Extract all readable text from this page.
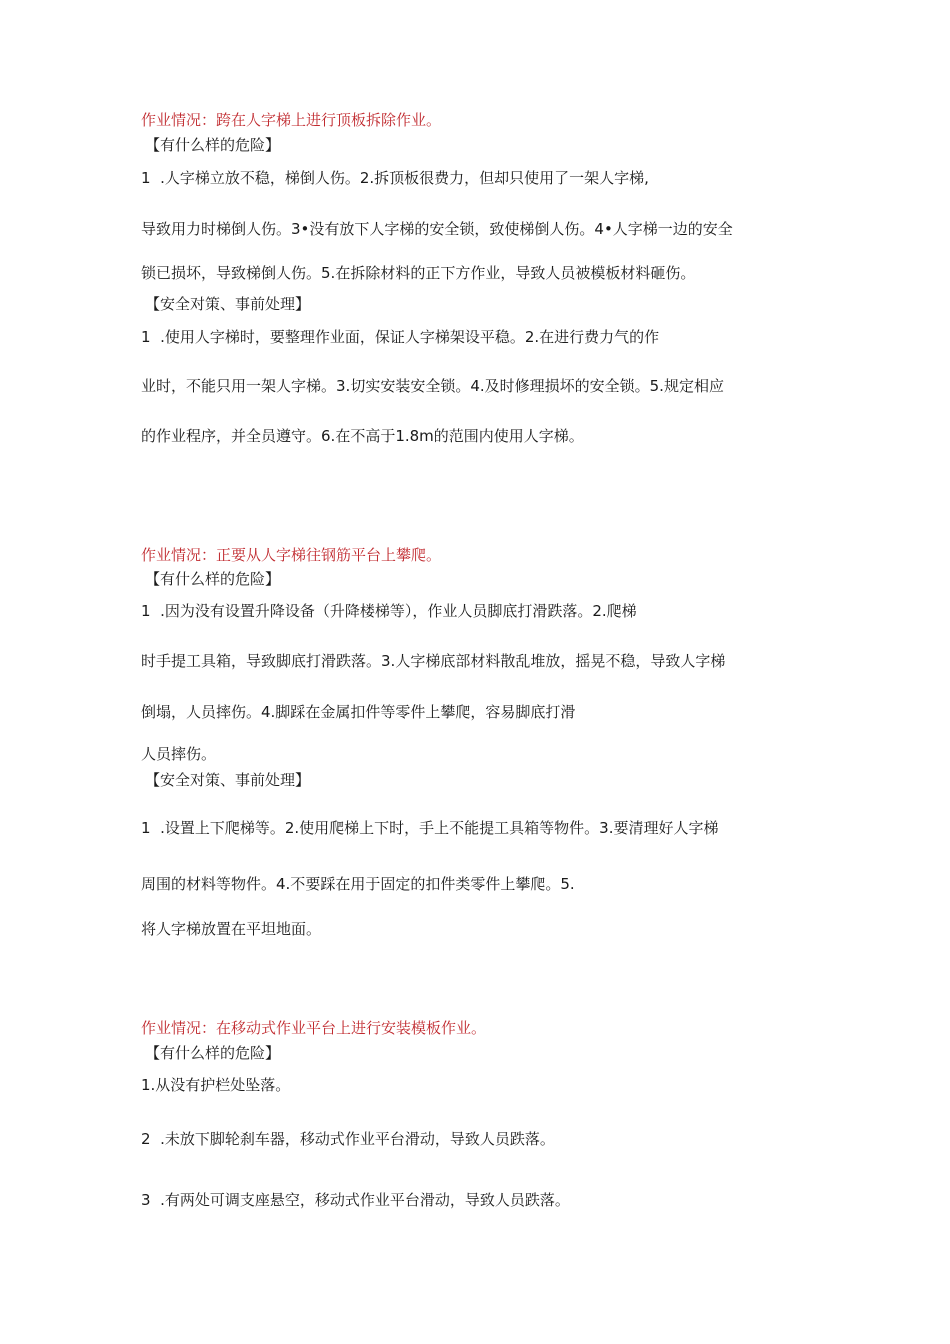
作业情况：跨在人字梯上进行顶板拆除作业。
【有什么样的危险】
1  .人字梯立放不稳，梯倒人伤。2.拆顶板很费力，但却只使用了一架人字梯,
导致用力时梯倒人伤。3•没有放下人字梯的安全锁，致使梯倒人伤。4•人字梯一边的安全
锁已损坏，导致梯倒人伤。5.在拆除材料的正下方作业，导致人员被模板材料砸伤。
【安全对策、事前处理】
1  .使用人字梯时，要整理作业面，保证人字梯架设平稳。2.在进行费力气的作
业时，不能只用一架人字梯。3.切实安装安全锁。4.及时修理损坏的安全锁。5.规定相应
的作业程序，并全员遵守。6.在不高于1.8m的范围内使用人字梯。
作业情况：正要从人字梯往钢筋平台上攀爬。
【有什么样的危险】
1  .因为没有设置升降设备（升降楼梯等），作业人员脚底打滑跌落。2.爬梯
时手提工具箱，导致脚底打滑跌落。3.人字梯底部材料散乱堆放，摇晃不稳，导致人字梯
倒塌，人员摔伤。4.脚踩在金属扣件等零件上攀爬，容易脚底打滑
人员摔伤。
【安全对策、事前处理】
1  .设置上下爬梯等。2.使用爬梯上下时，手上不能提工具箱等物件。3.要清理好人字梯
周围的材料等物件。4.不要踩在用于固定的扣件类零件上攀爬。5.
将人字梯放置在平坦地面。
作业情况：在移动式作业平台上进行安装模板作业。
【有什么样的危险】
1.从没有护栏处坠落。
2  .未放下脚轮刹车器，移动式作业平台滑动，导致人员跌落。
3  .有两处可调支座悬空，移动式作业平台滑动，导致人员跌落。
